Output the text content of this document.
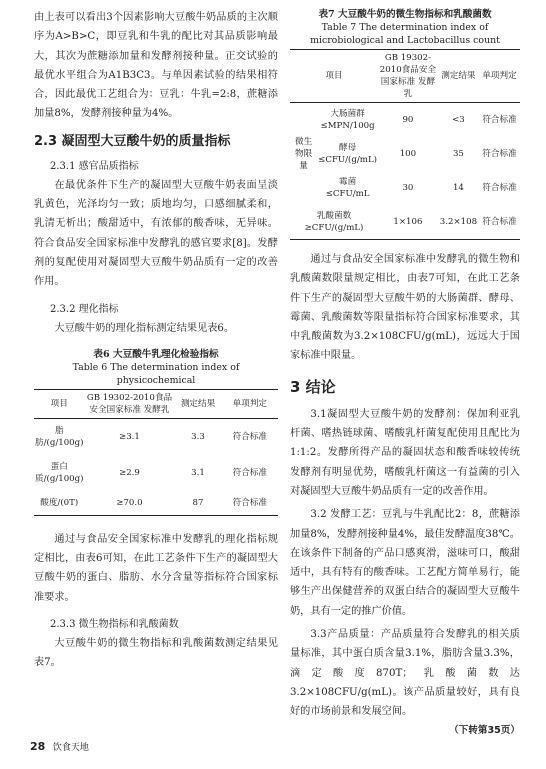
由上表可以看出3个因素影响大豆酸牛奶品质的主次顺序为A>B>C，即豆乳和牛乳的配比对其品质影响最大，其次为蔗糖添加量和发酵剂接种量。正交试验的最优水平组合为A1B3C3。与单因素试验的结果相符合，因此最优工艺组合为：豆乳：牛乳=2:8，蔗糖添加量8%，发酵剂接种量为4%。

2.3 凝固型大豆酸牛奶的质量指标
2.3.1 感官品质指标

在最优条件下生产的凝固型大豆酸牛奶表面呈淡乳黄色，光泽均匀一致；质地均匀，口感细腻柔和，乳清无析出；酸甜适中，有浓郁的酸香味，无异味。符合食品安全国家标准中发酵乳的感官要求[8]。发酵剂的复配使用对凝固型大豆酸牛奶品质有一定的改善作用。

2.3.2 理化指标

大豆酸牛奶的理化指标测定结果见表6。

表6 大豆酸牛乳理化检验指标
Table 6 The determination index of physicochemical
项目	GB 19302-2010食品安全国家标准 发酵乳	测定结果	单项判定
脂肪/(g/100g)	≥3.1	3.3	符合标准
蛋白质/(g/100g)	≥2.9	3.1	符合标准
酸度/(0T)	≥70.0	87	符合标准

通过与食品安全国家标准中发酵乳的理化指标规定相比，由表6可知，在此工艺条件下生产的凝固型大豆酸牛奶的蛋白、脂肪、水分含量等指标符合国家标准要求。

2.3.3 微生物指标和乳酸菌数

大豆酸牛奶的微生物指标和乳酸菌数测定结果见表7。

表7 大豆酸牛奶的微生物指标和乳酸菌数
Table 7 The determination index of microbiological and Lactobacillus count
项目		GB 19302-2010食品安全国家标准 发酵乳	测定结果	单项判定
微生物限量	大肠菌群≤MPN/100g	90	<3	符合标准
	酵母≤CFU/(g/mL)	100	35	符合标准
	霉菌≤CFU/mL	30	14	符合标准
乳酸菌数≥CFU/(g/mL)		1×106	3.2×108	符合标准

通过与食品安全国家标准中发酵乳的微生物和乳酸菌数限量规定相比，由表7可知，在此工艺条件下生产的凝固型大豆酸牛奶的大肠菌群、酵母、霉菌、乳酸菌数等限量指标符合国家标准要求，其中乳酸菌数为3.2×108CFU/g(mL)，远远大于国家标准中限量。

3 结论

3.1凝固型大豆酸牛奶的发酵剂：保加利亚乳杆菌、嗜热链球菌、嗜酸乳杆菌复配使用且配比为1:1:2。发酵所得产品的凝固状态和酸香味较传统发酵剂有明显优势，嗜酸乳杆菌这一有益菌的引入对凝固型大豆酸牛奶品质有一定的改善作用。

3.2 发酵工艺：豆乳与牛乳配比2：8，蔗糖添加量8%，发酵剂接种量4%，最佳发酵温度38℃。在该条件下制备的产品口感爽滑，滋味可口，酸甜适中，具有特有的酸香味。工艺配方简单易行，能够生产出保健营养的双蛋白结合的凝固型大豆酸牛奶，具有一定的推广价值。

3.3产品质量：产品质量符合发酵乳的相关质量标准，其中蛋白质含量3.1%，脂肪含量3.3%，滴定酸度870T；乳酸菌数达3.2×108CFU/g(mL)。该产品质量较好，具有良好的市场前景和发展空间。

（下转第35页）
28 饮食天地
